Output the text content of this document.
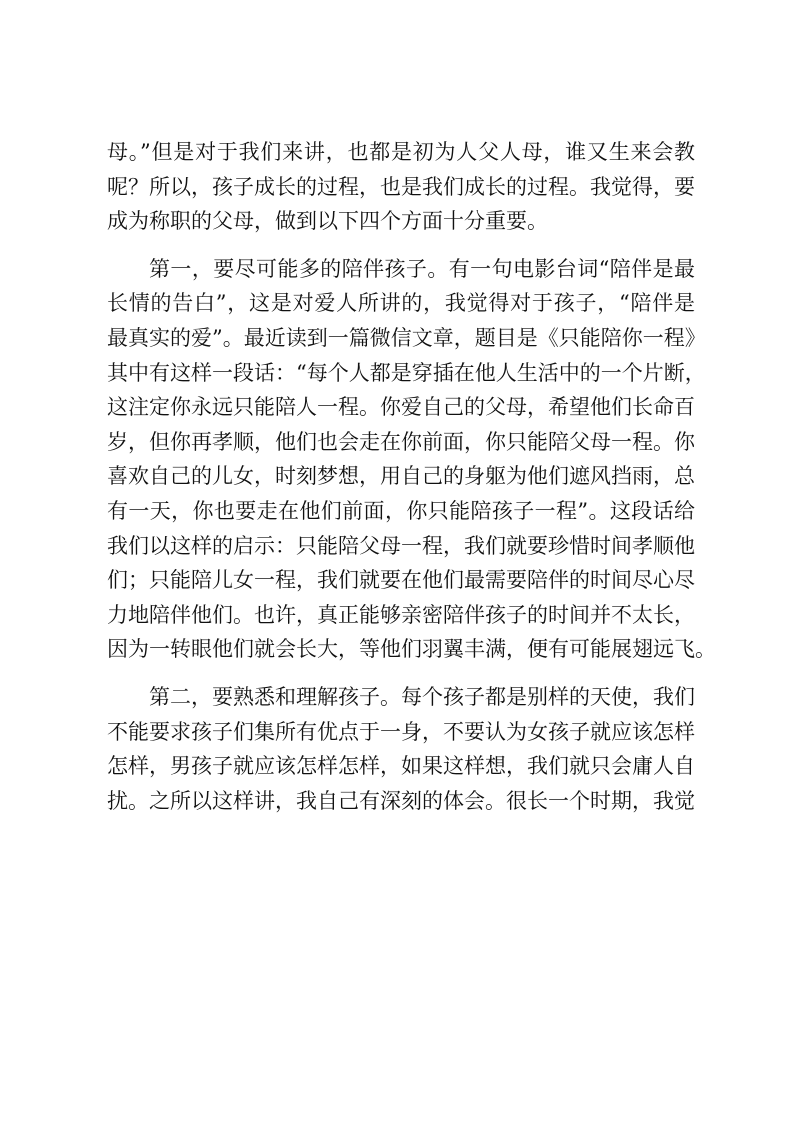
母。”但是对于我们来讲，也都是初为人父人母，谁又生来会教
呢？所以，孩子成长的过程，也是我们成长的过程。我觉得，要
成为称职的父母，做到以下四个方面十分重要。
第一，要尽可能多的陪伴孩子。有一句电影台词“陪伴是最
长情的告白”，这是对爱人所讲的，我觉得对于孩子，“陪伴是
最真实的爱”。最近读到一篇微信文章，题目是《只能陪你一程》
其中有这样一段话：“每个人都是穿插在他人生活中的一个片断，
这注定你永远只能陪人一程。你爱自己的父母，希望他们长命百
岁，但你再孝顺，他们也会走在你前面，你只能陪父母一程。你
喜欢自己的儿女，时刻梦想，用自己的身躯为他们遮风挡雨，总
有一天，你也要走在他们前面，你只能陪孩子一程”。这段话给
我们以这样的启示：只能陪父母一程，我们就要珍惜时间孝顺他
们；只能陪儿女一程，我们就要在他们最需要陪伴的时间尽心尽
力地陪伴他们。也许，真正能够亲密陪伴孩子的时间并不太长，
因为一转眼他们就会长大，等他们羽翼丰满，便有可能展翅远飞。
第二，要熟悉和理解孩子。每个孩子都是别样的天使，我们
不能要求孩子们集所有优点于一身，不要认为女孩子就应该怎样
怎样，男孩子就应该怎样怎样，如果这样想，我们就只会庸人自
扰。之所以这样讲，我自己有深刻的体会。很长一个时期，我觉
